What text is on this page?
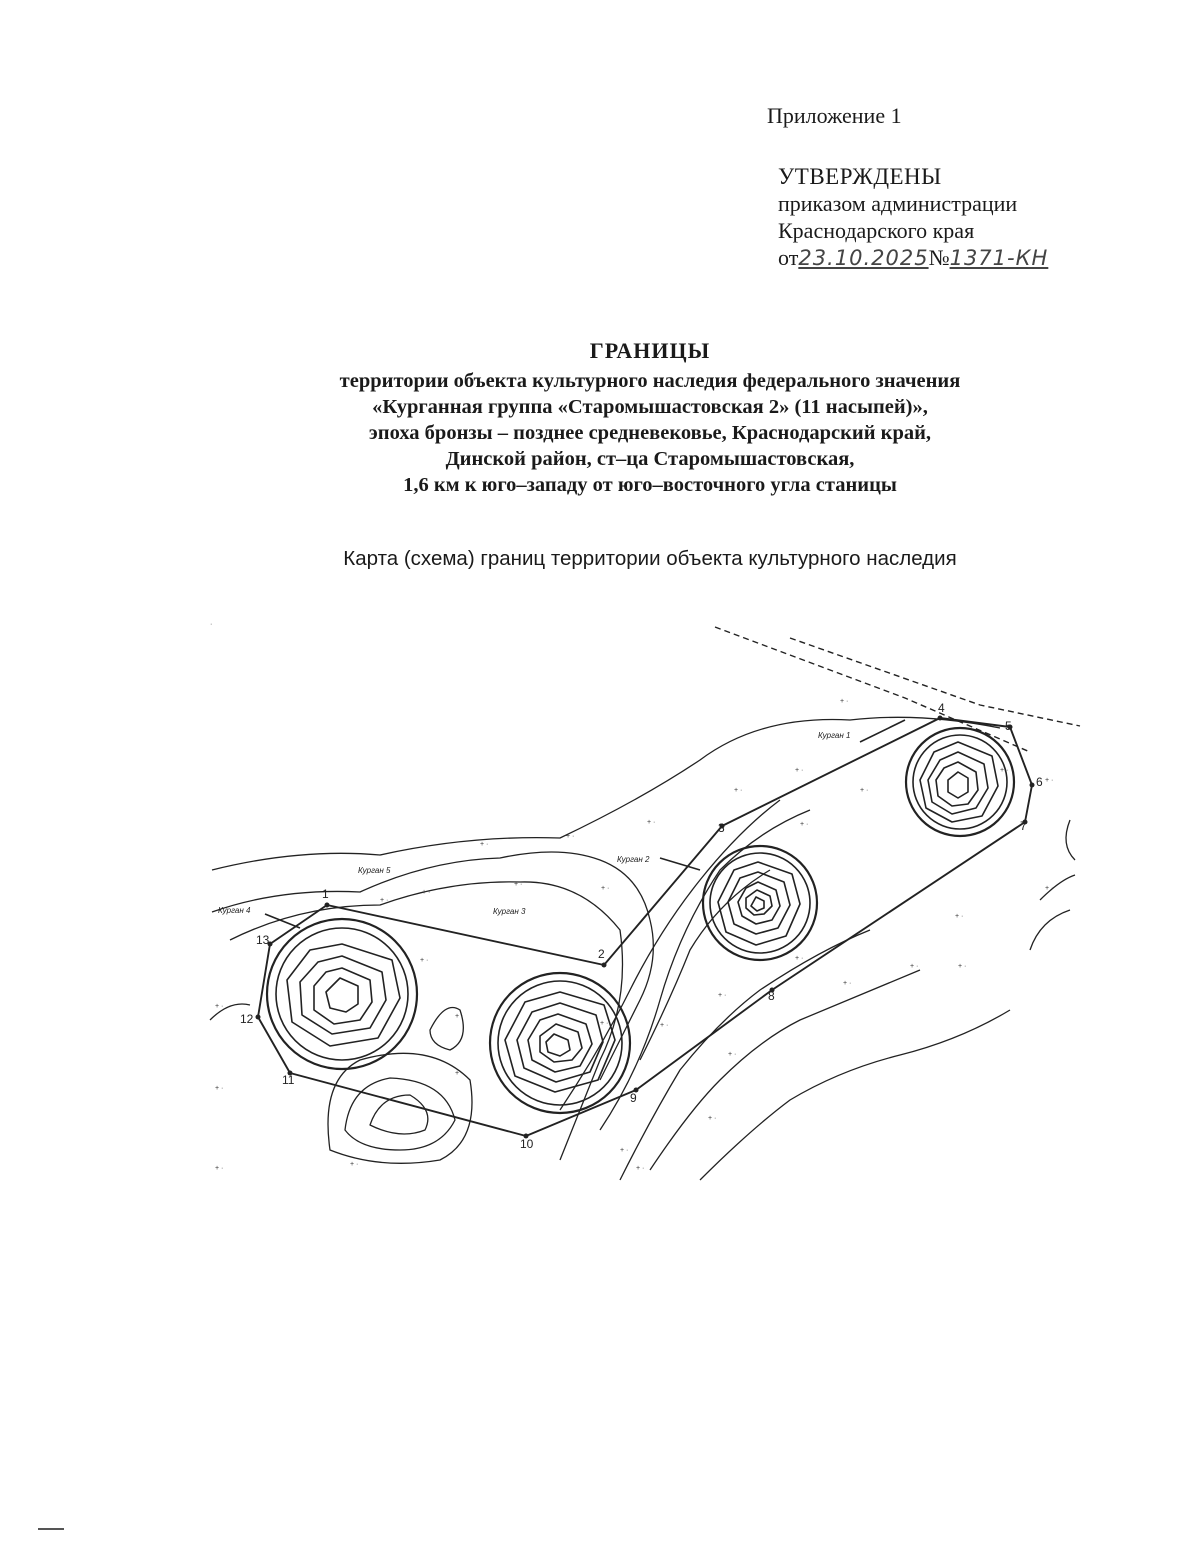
Приложение 1
УТВЕРЖДЕНЫ
приказом администрации
Краснодарского края
от23.10.2025№1371-КН
ГРАНИЦЫ
территории объекта культурного наследия федерального значения
«Курганная группа «Старомышастовская 2» (11 насыпей)»,
эпоха бронзы – позднее средневековье, Краснодарский край,
Динской район, ст–ца Старомышастовская,
1,6 км к юго–западу от юго–восточного угла станицы
Карта (схема) границ территории объекта культурного наследия
+ ·
+ ·
+ ·	+ ·
+ ·
+ ·
+ ·
+ ·
+ ·
+ ·
+ ·
+ ·
+ ·
+ ·
+ ·
+ ·
+ ·
+ ·
+ ·
+ ·
+ ·
+ ·
+ ·
+ ·
+ ·
+ ·
+ ·
+ ·
+ ·
+ ·
+ ·
+ ·
+ ·
+ ·
·
1
2
3
4
5
6
7
8
9
10
11
12
13
Курган 1
Курган 2
Курган 3
Курган 4
Курган 5
